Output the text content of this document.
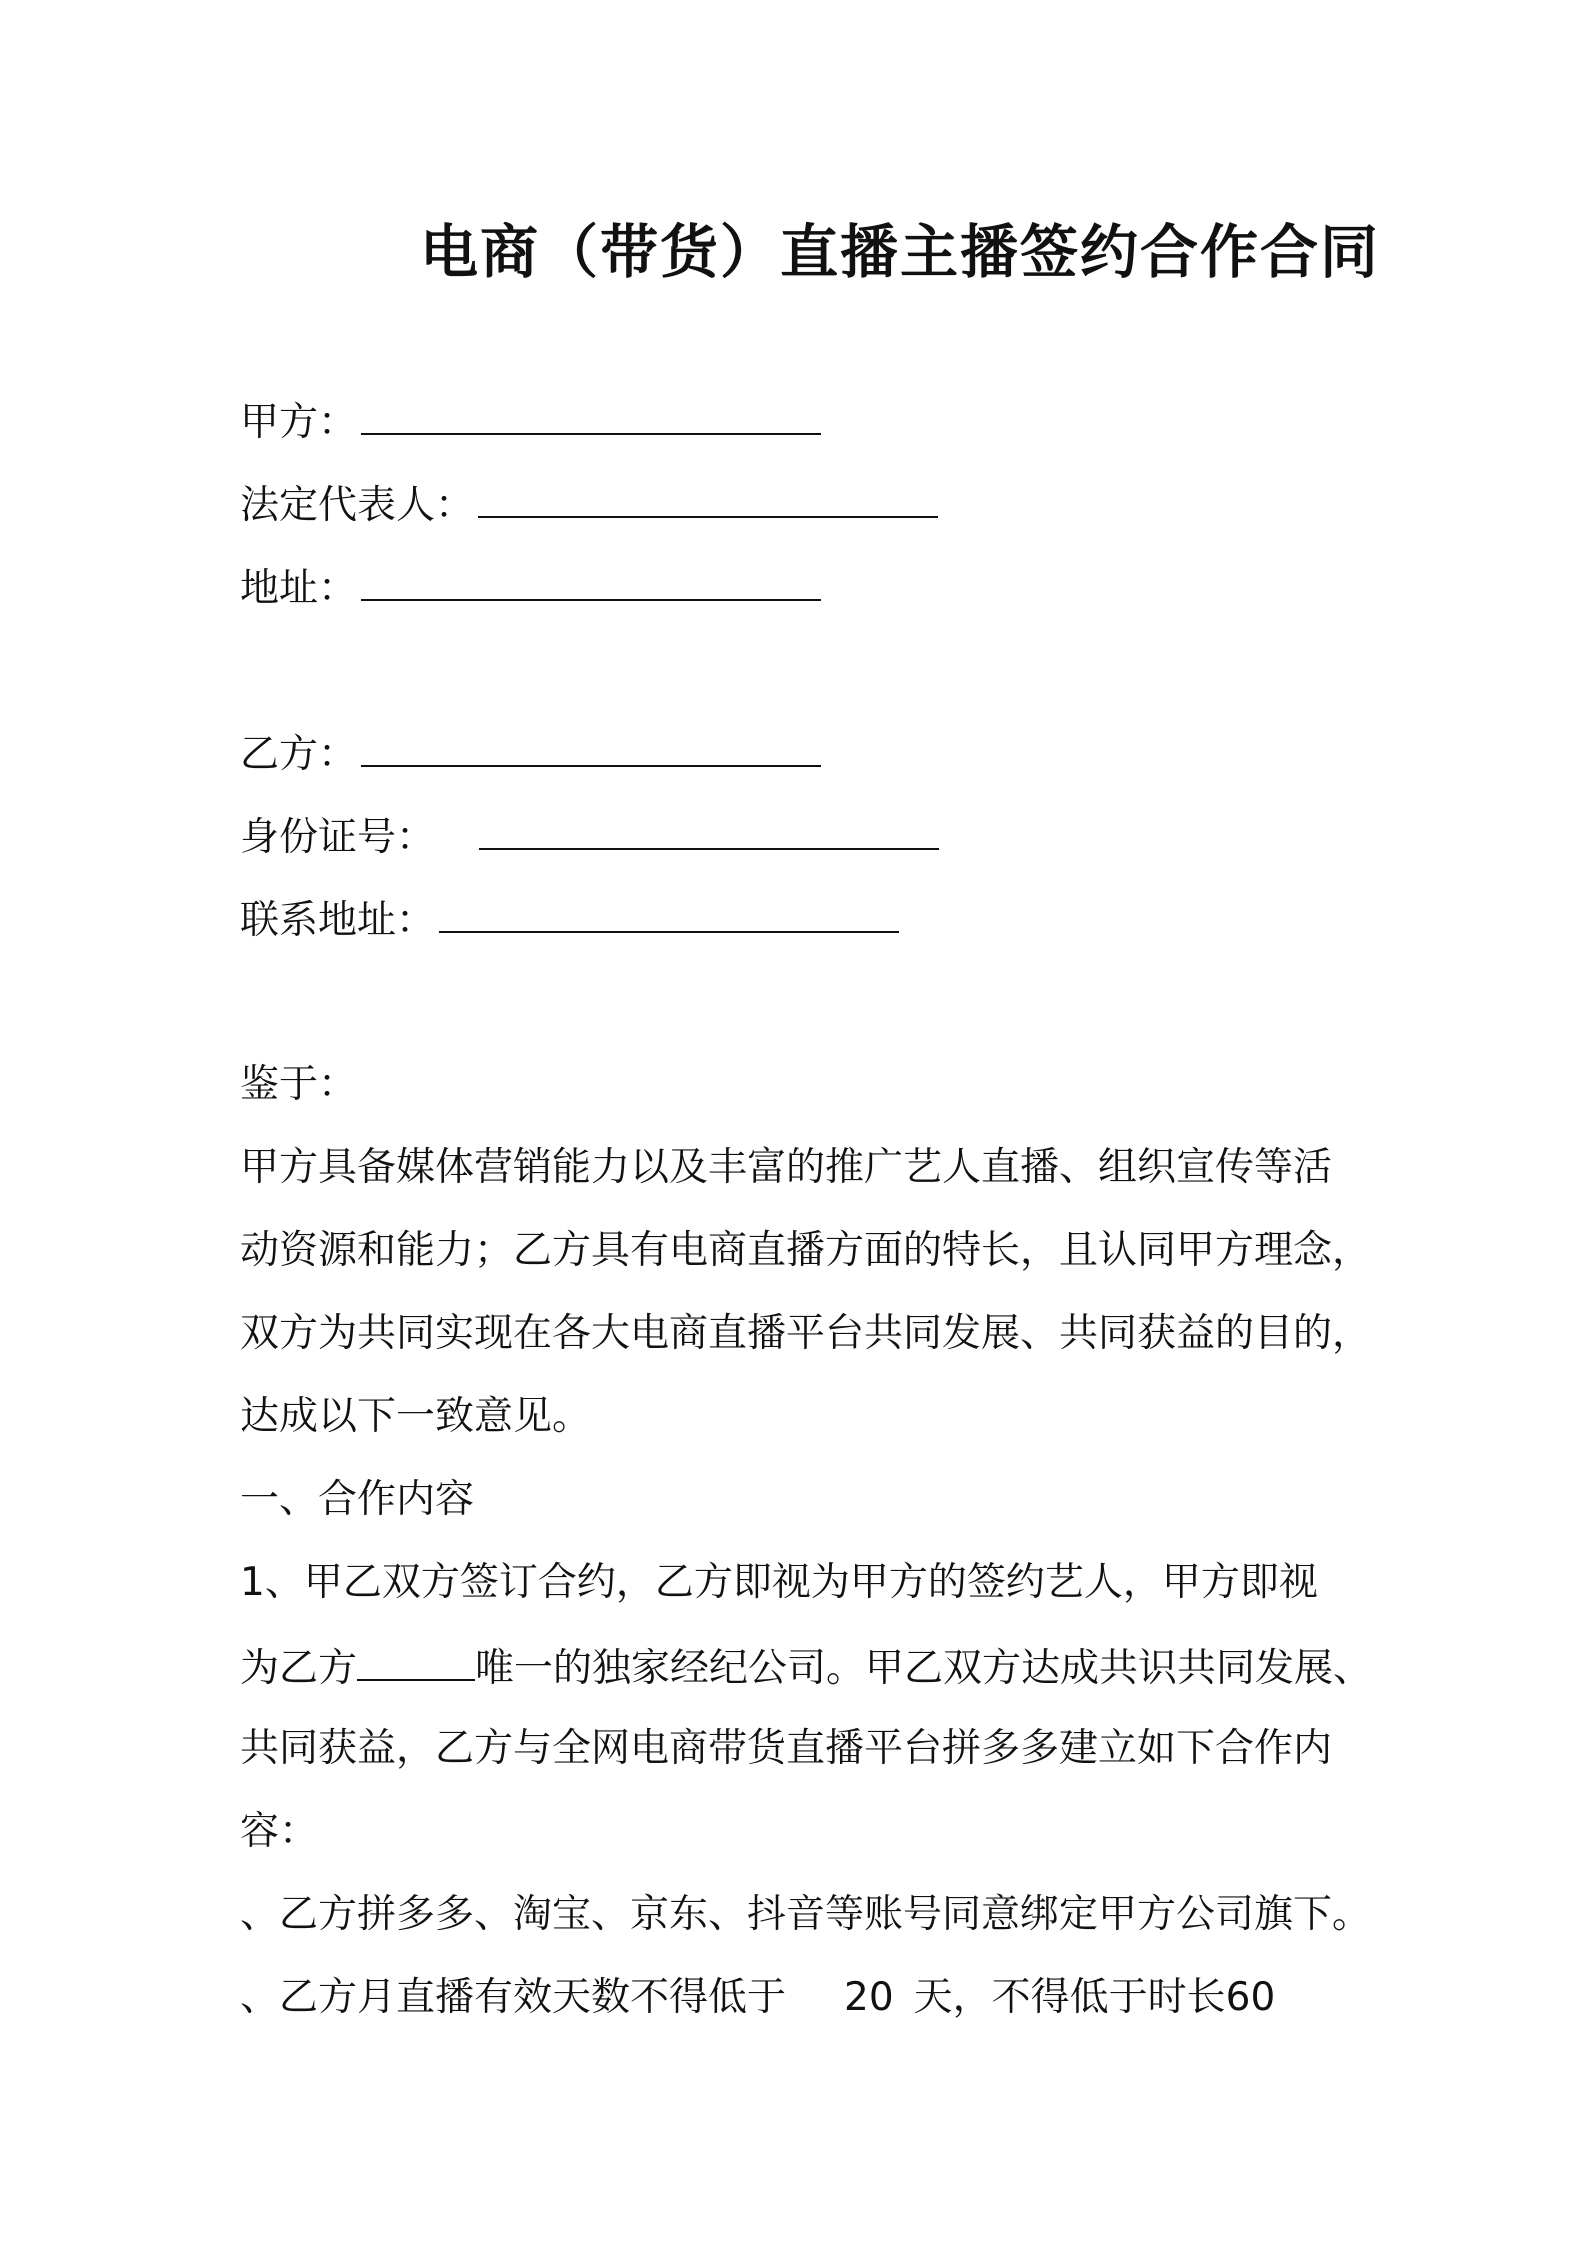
电商（带货）直播主播签约合作合同
甲方：
法定代表人：
地址：
乙方：
身份证号：
联系地址：
鉴于：
甲方具备媒体营销能力以及丰富的推广艺人直播、组织宣传等活
动资源和能力；乙方具有电商直播方面的特长，且认同甲方理念，
双方为共同实现在各大电商直播平台共同发展、共同获益的目的，
达成以下一致意见。
一、合作内容
1、甲乙双方签订合约，乙方即视为甲方的签约艺人，甲方即视
为乙方	唯一的独家经纪公司。甲乙双方达成共识共同发展、
共同获益，乙方与全网电商带货直播平台拼多多建立如下合作内
容：
、乙方拼多多、淘宝、京东、抖音等账号同意绑定甲方公司旗下。
、乙方月直播有效天数不得低于 20 天，不得低于时长60
